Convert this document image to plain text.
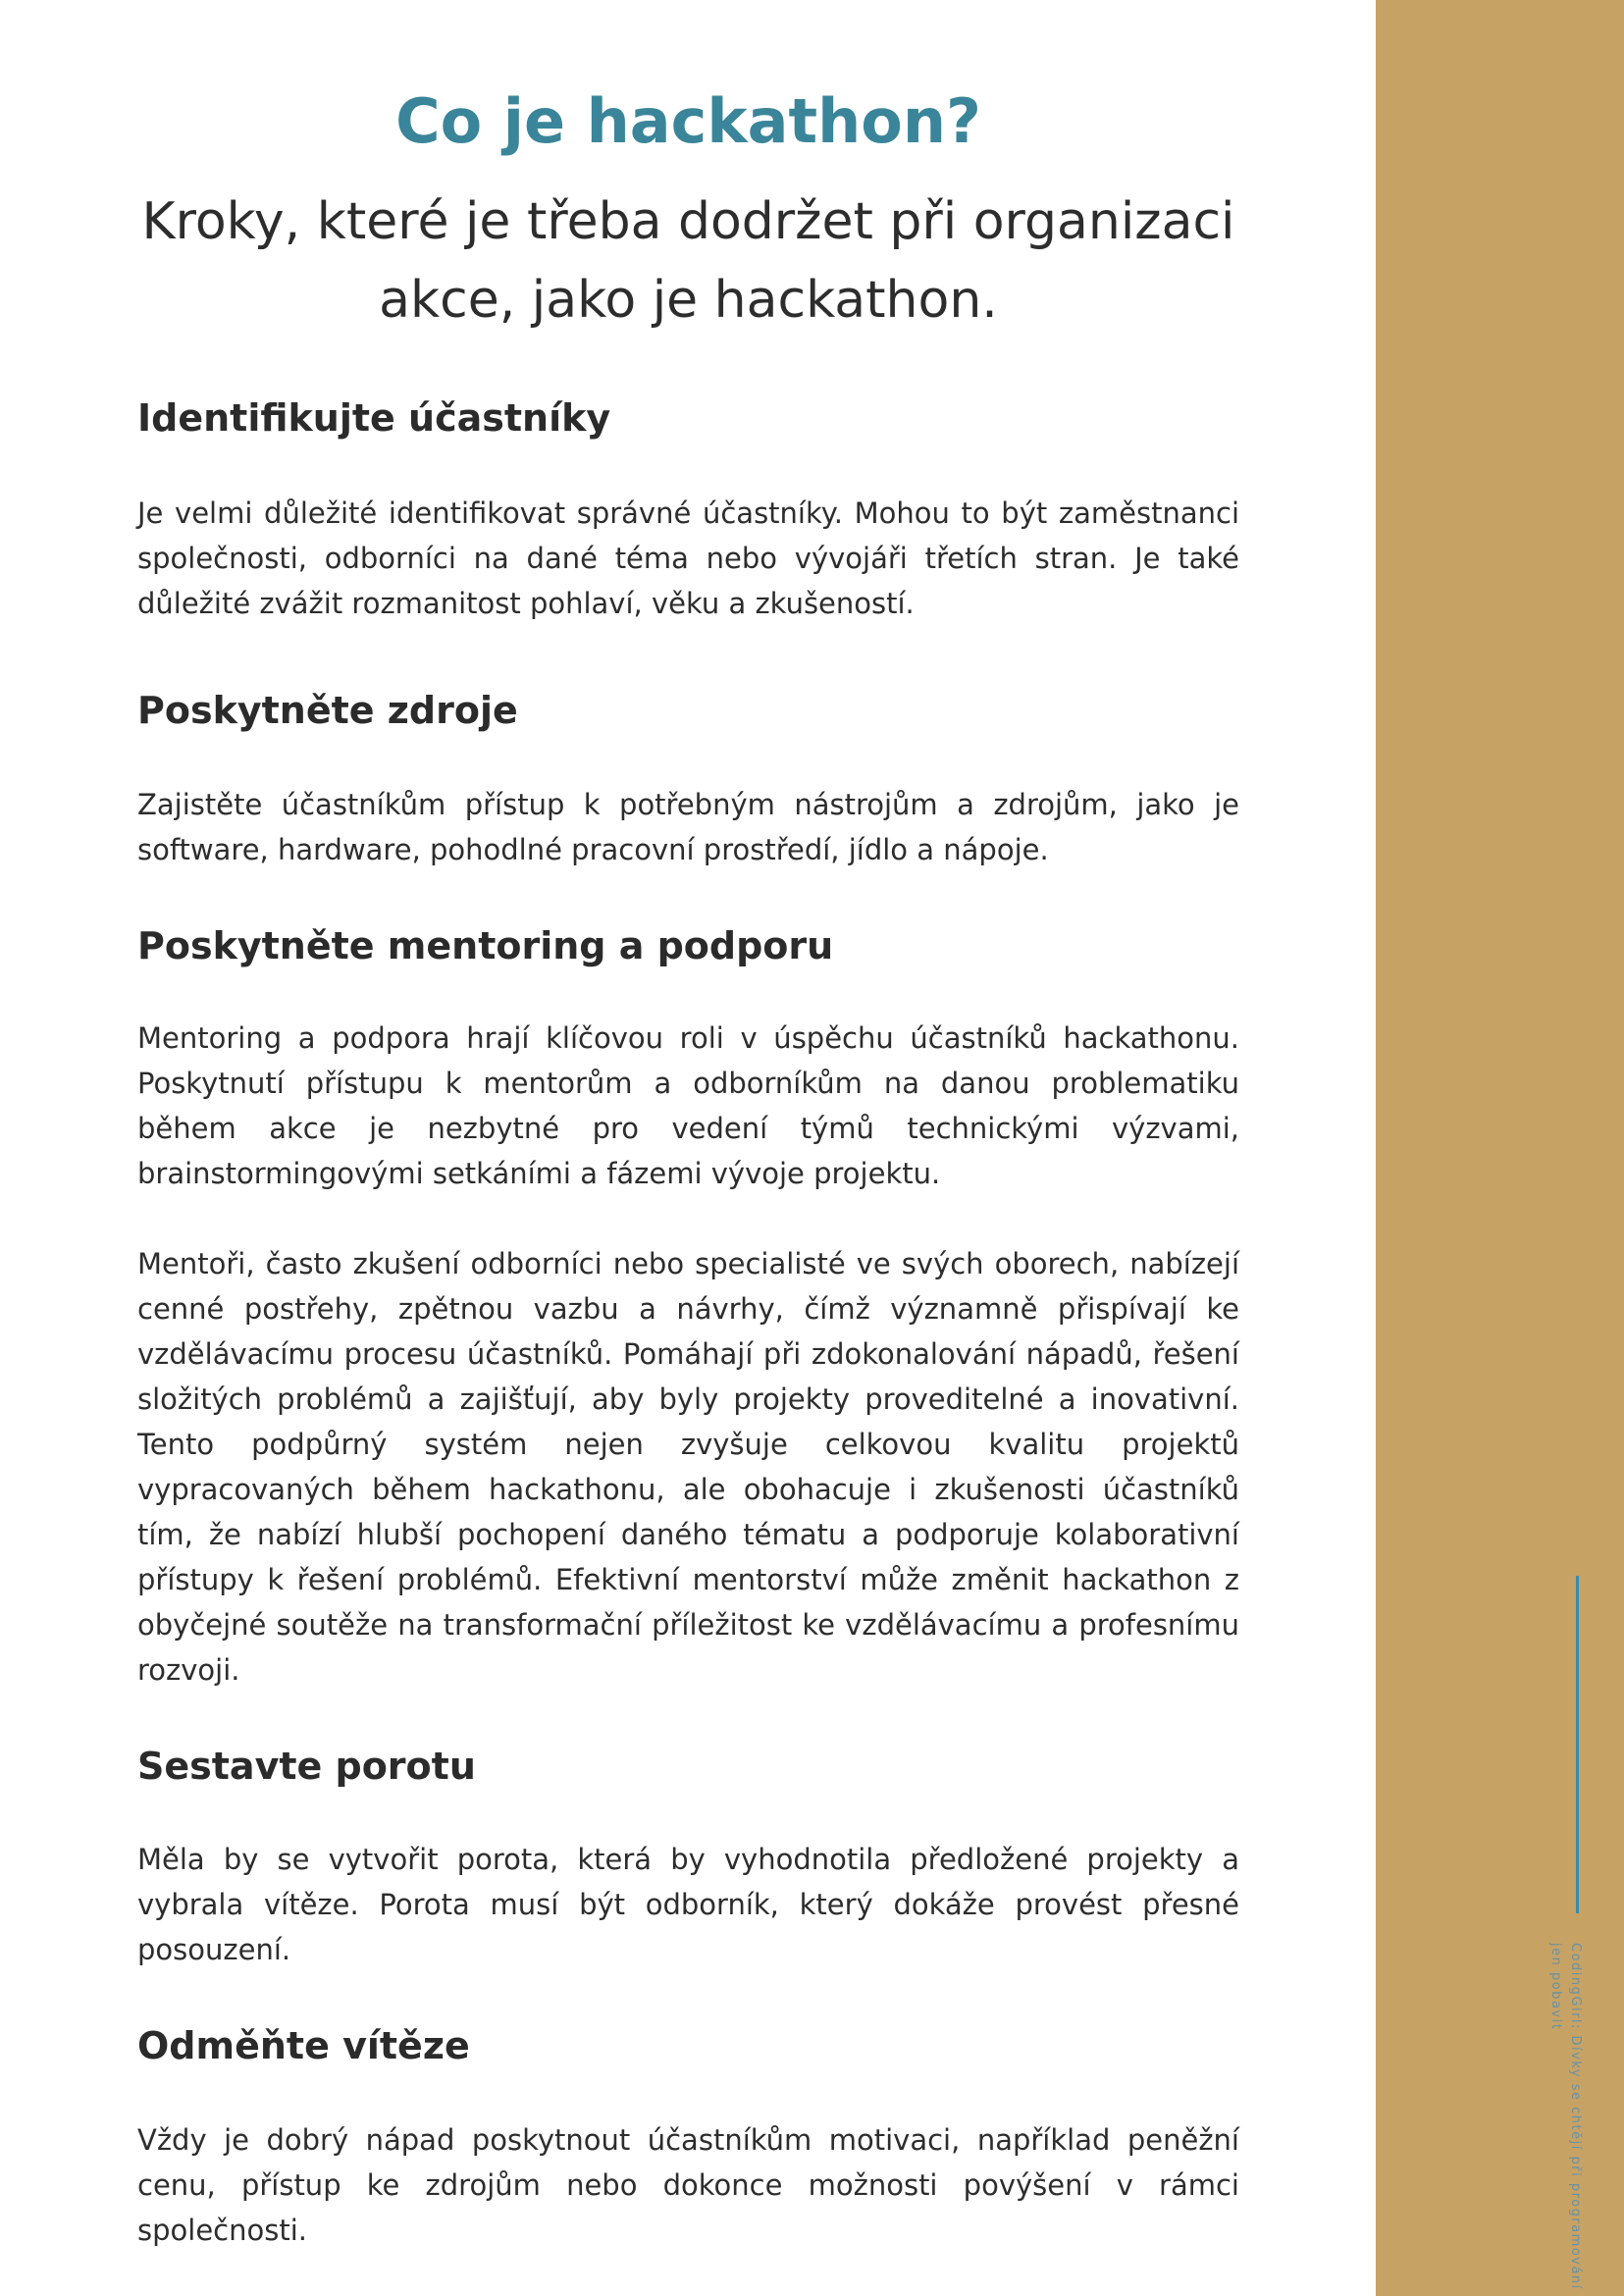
CodingGirl: Dívky se chtějí při programování
jen pobavit
Co je hackathon?

Kroky, které je třeba dodržet při organizaci akce, jako je hackathon.

Identifikujte účastníky

Je velmi důležité identifikovat správné účastníky. Mohou to být zaměstnanci společnosti, odborníci na dané téma nebo vývojáři třetích stran. Je také důležité zvážit rozmanitost pohlaví, věku a zkušeností.

Poskytněte zdroje

Zajistěte účastníkům přístup k potřebným nástrojům a zdrojům, jako je software, hardware, pohodlné pracovní prostředí, jídlo a nápoje.

Poskytněte mentoring a podporu

Mentoring a podpora hrají klíčovou roli v úspěchu účastníků hackathonu. Poskytnutí přístupu k mentorům a odborníkům na danou problematiku během akce je nezbytné pro vedení týmů technickými výzvami, brainstormingovými setkáními a fázemi vývoje projektu.

Mentoři, často zkušení odborníci nebo specialisté ve svých oborech, nabízejí cenné postřehy, zpětnou vazbu a návrhy, čímž významně přispívají ke vzdělávacímu procesu účastníků. Pomáhají při zdokonalování nápadů, řešení složitých problémů a zajišťují, aby byly projekty proveditelné a inovativní. Tento podpůrný systém nejen zvyšuje celkovou kvalitu projektů vypracovaných během hackathonu, ale obohacuje i zkušenosti účastníků tím, že nabízí hlubší pochopení daného tématu a podporuje kolaborativní přístupy k řešení problémů. Efektivní mentorství může změnit hackathon z obyčejné soutěže na transformační příležitost ke vzdělávacímu a profesnímu rozvoji.

Sestavte porotu

Měla by se vytvořit porota, která by vyhodnotila předložené projekty a vybrala vítěze. Porota musí být odborník, který dokáže provést přesné posouzení.

Odměňte vítěze

Vždy je dobrý nápad poskytnout účastníkům motivaci, například peněžní cenu, přístup ke zdrojům nebo dokonce možnosti povýšení v rámci společnosti.
